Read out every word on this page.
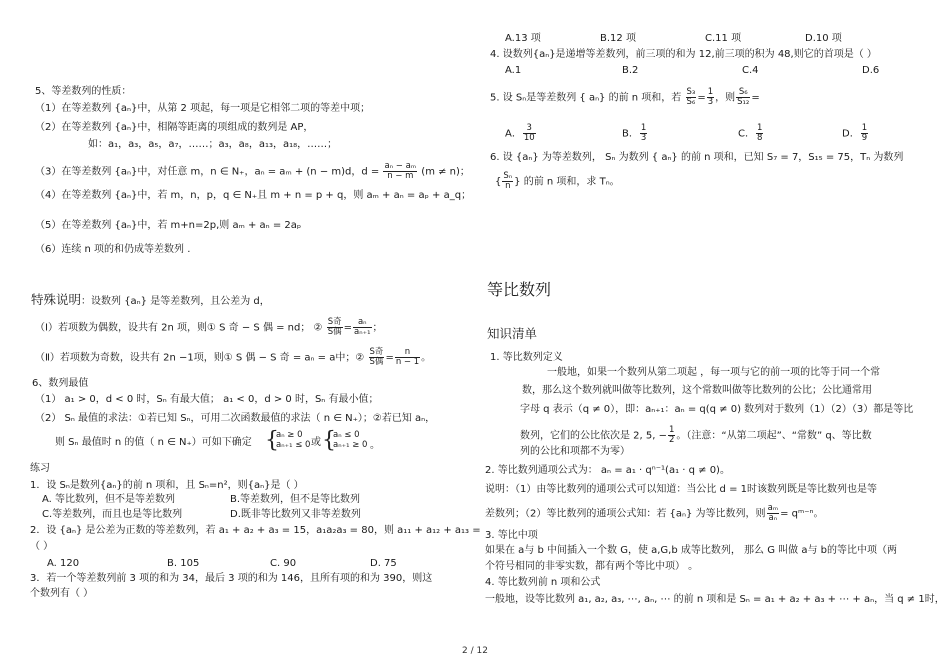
5、等差数列的性质：
（1）在等差数列 {aₙ}中，从第 2 项起，每一项是它相邻二项的等差中项；
（2）在等差数列 {aₙ}中，相隔等距离的项组成的数列是 AP，
如：a₁，a₃，a₅，a₇，……；a₃，a₈，a₁₃，a₁₈，……；
（3）在等差数列 {aₙ}中，对任意 m，n ∈ N₊，aₙ = aₘ + (n − m)d，$d = \frac{\text{aₙ − aₘ}}{n - m} (m \ne n)$；
（4）在等差数列 {aₙ}中，若 m，n，p，q ∈ N₊且 m + n = p + q，则 aₘ + aₙ = aₚ + a_q；
（5）在等差数列 {aₙ}中，若 m+n=2p,则 aₘ + aₙ = 2aₚ
（6）连续 n 项的和仍成等差数列 .
特殊说明：设数列 {aₙ} 是等差数列，且公差为 d，
（Ⅰ）若项数为偶数，设共有 2n 项，则① S 奇 − S 偶 = nd； ② $\frac{\text{S奇}}{\text{S偶}} = \frac{\text{aₙ}}{\text{aₙ₊₁}}$ ；
（Ⅱ）若项数为奇数，设共有 2n −1项，则① S 偶 − S 奇 = aₙ = a中；② $\frac{\text{S奇}}{\text{S偶}} = \frac{n}{n - 1}$ 。
6、数列最值
（1） a₁ > 0，d < 0 时，Sₙ 有最大值； a₁ < 0，d > 0 时，Sₙ 有最小值；
（2） Sₙ 最值的求法：①若已知 Sₙ，可用二次函数最值的求法（ n ∈ N₊）；②若已知 aₙ，
则 Sₙ 最值时 n 的值（ n ∈ N₊）可如下确定 {
aₙ ≥ 0
aₙ₊₁ ≤ 0 或 {
aₙ ≤ 0
aₙ₊₁ ≥ 0 。
练习
1．设 Sₙ是数列{aₙ}的前 n 项和，且 Sₙ=n²，则{aₙ}是（ ）
A. 等比数列，但不是等差数列	B.等差数列，但不是等比数列
C.等差数列，而且也是等比数列	D.既非等比数列又非等差数列
2．设 {aₙ} 是公差为正数的等差数列，若 a₁ + a₂ + a₃ = 15，a₁a₂a₃ = 80，则 a₁₁ + a₁₂ + a₁₃ =
（ ）
A. 120	B. 105	C. 90	D. 75
3．若一个等差数列前 3 项的和为 34，最后 3 项的和为 146，且所有项的和为 390，则这
个数列有（ ）
A.13 项	B.12 项	C.11 项	D.10 项
4. 设数列{aₙ}是递增等差数列，前三项的和为 12,前三项的积为 48,则它的首项是（ ）
A.1	B.2	C.4	D.6
5. 设 Sₙ是等差数列 { aₙ} 的前 n 项和，若 $\frac{\text{S₃}}{\text{S₆}} = \frac{1}{3}$ ，则 $\frac{\text{S₆}}{\text{S₁₂}}$ =
A． $\frac{3}{10}$	B． $\frac{1}{3}$	C． $\frac{1}{8}$	D． $\frac{1}{9}$
6. 设 {aₙ} 为等差数列， Sₙ 为数列 { aₙ} 的前 n 项和，已知 S₇ = 7，S₁₅ = 75，Tₙ 为数列
{ $\frac{\text{Sₙ}}{n}$ } 的前 n 项和，求 Tₙ。
等比数列
知识清单
1. 等比数列定义
一般地，如果一个数列从第二项起 ，每一项与它的前一项的比等于同一个常
数，那么这个数列就叫做等比数列，这个常数叫做等比数列的公比；公比通常用
字母 q 表示（q ≠ 0），即：aₙ₊₁：aₙ = q(q ≠ 0) 数列对于数列（1）（2）（3）都是等比
数列，它们的公比依次是 2, 5, − $\frac{1}{2}$ 。（注意：“从第二项起”、“常数” q、等比数
列的公比和项都不为零）
2. 等比数列通项公式为： aₙ = a₁ · qⁿ⁻¹(a₁ · q ≠ 0)。
说明：（1）由等比数列的通项公式可以知道：当公比 d = 1时该数列既是等比数列也是等
差数列；（2）等比数列的通项公式知：若 {aₙ} 为等比数列，则 $\frac{\text{aₘ}}{\text{aₙ}}$ = qᵐ⁻ⁿ。
3. 等比中项
如果在 a与 b 中间插入一个数 G，使 a,G,b 成等比数列， 那么 G 叫做 a与 b的等比中项（两
个符号相同的非零实数，都有两个等比中项） 。
4. 等比数列前 n 项和公式
一般地，设等比数列 a₁, a₂, a₃, ⋯, aₙ, ⋯ 的前 n 项和是 Sₙ = a₁ + a₂ + a₃ + ⋯ + aₙ，当 q ≠ 1时，
2 / 12
